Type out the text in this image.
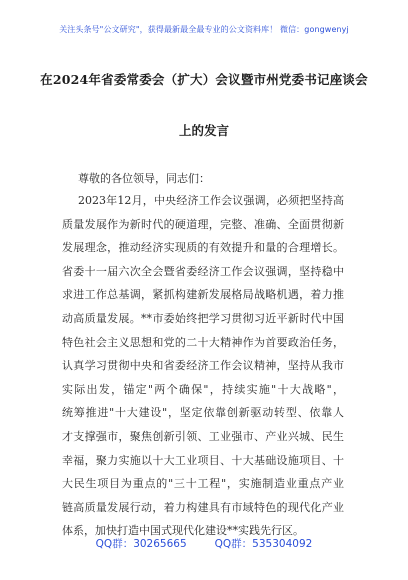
关注头条号"公文研究"，获得最新最全最专业的公文资料库！ 微信：gongwenyj
在2024年省委常委会（扩大）会议暨市州党委书记座谈会
上的发言
尊敬的各位领导，同志们：
2023年12月，中央经济工作会议强调，必须把坚持高
质量发展作为新时代的硬道理，完整、准确、全面贯彻新
发展理念，推动经济实现质的有效提升和量的合理增长。
省委十一届六次全会暨省委经济工作会议强调，坚持稳中
求进工作总基调，紧抓构建新发展格局战略机遇，着力推
动高质量发展。**市委始终把学习贯彻习近平新时代中国
特色社会主义思想和党的二十大精神作为首要政治任务，
认真学习贯彻中央和省委经济工作会议精神，坚持从我市
实际出发，锚定"两个确保"，持续实施"十大战略"，
统筹推进"十大建设"，坚定依靠创新驱动转型、依靠人
才支撑强市，聚焦创新引领、工业强市、产业兴城、民生
幸福，聚力实施以十大工业项目、十大基础设施项目、十
大民生项目为重点的"三十工程"，实施制造业重点产业
链高质量发展行动，着力构建具有市域特色的现代化产业
体系，加快打造中国式现代化建设**实践先行区。
QQ群：30265665	QQ群：535304092
